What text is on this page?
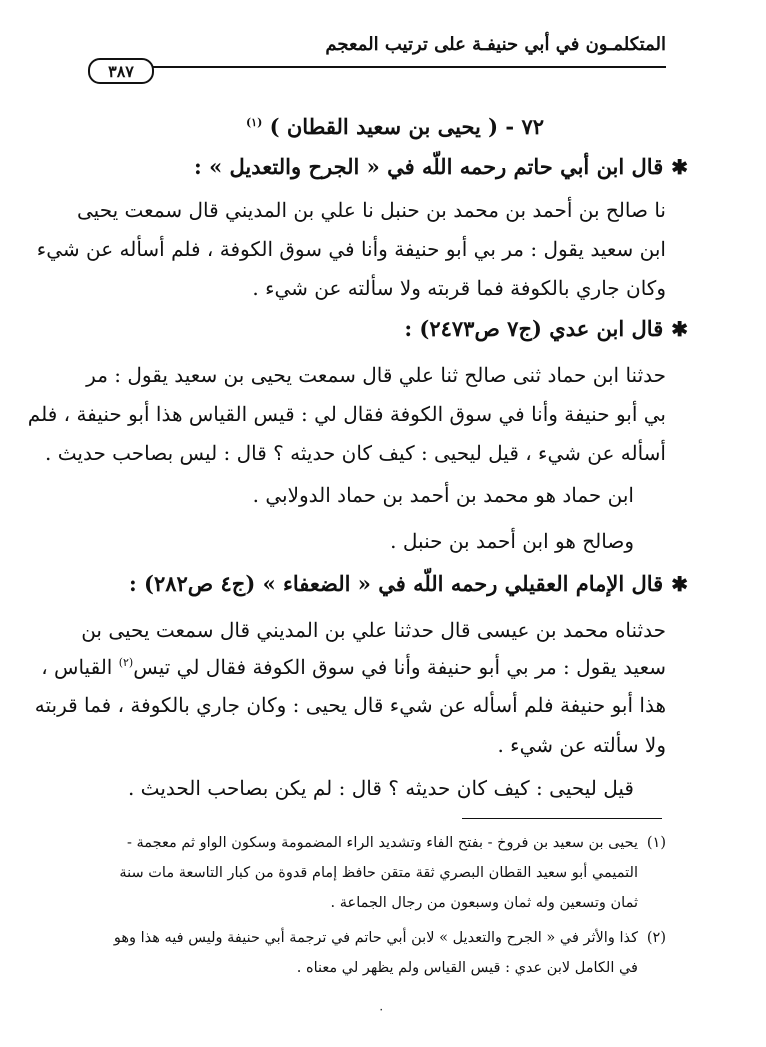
المتكلمـون في أبي حنيفـة على ترتيب المعجم
٣٨٧
٧٢ - ( يحيى بن سعيد القطان ) $^{(١)}$
✱قال ابن أبي حاتم رحمه اللّه في « الجرح والتعديل » :
نا صالح بن أحمد بن محمد بن حنبل نا علي بن المديني قال سمعت يحيى
ابن سعيد يقول : مر بي أبو حنيفة وأنا في سوق الكوفة ، فلم أسأله عن شيء
وكان جاري بالكوفة فما قربته ولا سألته عن شيء .
✱قال ابن عدي (ج٧ ص٢٤٧٣) :
حدثنا ابن حماد ثنى صالح ثنا علي قال سمعت يحيى بن سعيد يقول : مر
بي أبو حنيفة وأنا في سوق الكوفة فقال لي : قيس القياس هذا أبو حنيفة ، فلم
أسأله عن شيء ، قيل ليحيى : كيف كان حديثه ؟ قال : ليس بصاحب حديث .
ابن حماد هو محمد بن أحمد بن حماد الدولابي .
وصالح هو ابن أحمد بن حنبل .
✱قال الإمام العقيلي رحمه اللّه في « الضعفاء » (ج٤ ص٢٨٢) :
حدثناه محمد بن عيسى قال حدثنا علي بن المديني قال سمعت يحيى بن
سعيد يقول : مر بي أبو حنيفة وأنا في سوق الكوفة فقال لي تيس$^{(٢)}$ القياس ،
هذا أبو حنيفة فلم أسأله عن شيء قال يحيى : وكان جاري بالكوفة ، فما قربته
ولا سألته عن شيء .
قيل ليحيى : كيف كان حديثه ؟ قال : لم يكن بصاحب الحديث .
(١)يحيى بن سعيد بن فروخ - بفتح الفاء وتشديد الراء المضمومة وسكون الواو ثم معجمة -
التميمي أبو سعيد القطان البصري ثقة متقن حافظ إمام قدوة من كبار التاسعة مات سنة
ثمان وتسعين وله ثمان وسبعون من رجال الجماعة .
(٢)كذا والأثر في « الجرح والتعديل » لابن أبي حاتم في ترجمة أبي حنيفة وليس فيه هذا وهو
في الكامل لابن عدي : قيس القياس ولم يظهر لي معناه .
۰
